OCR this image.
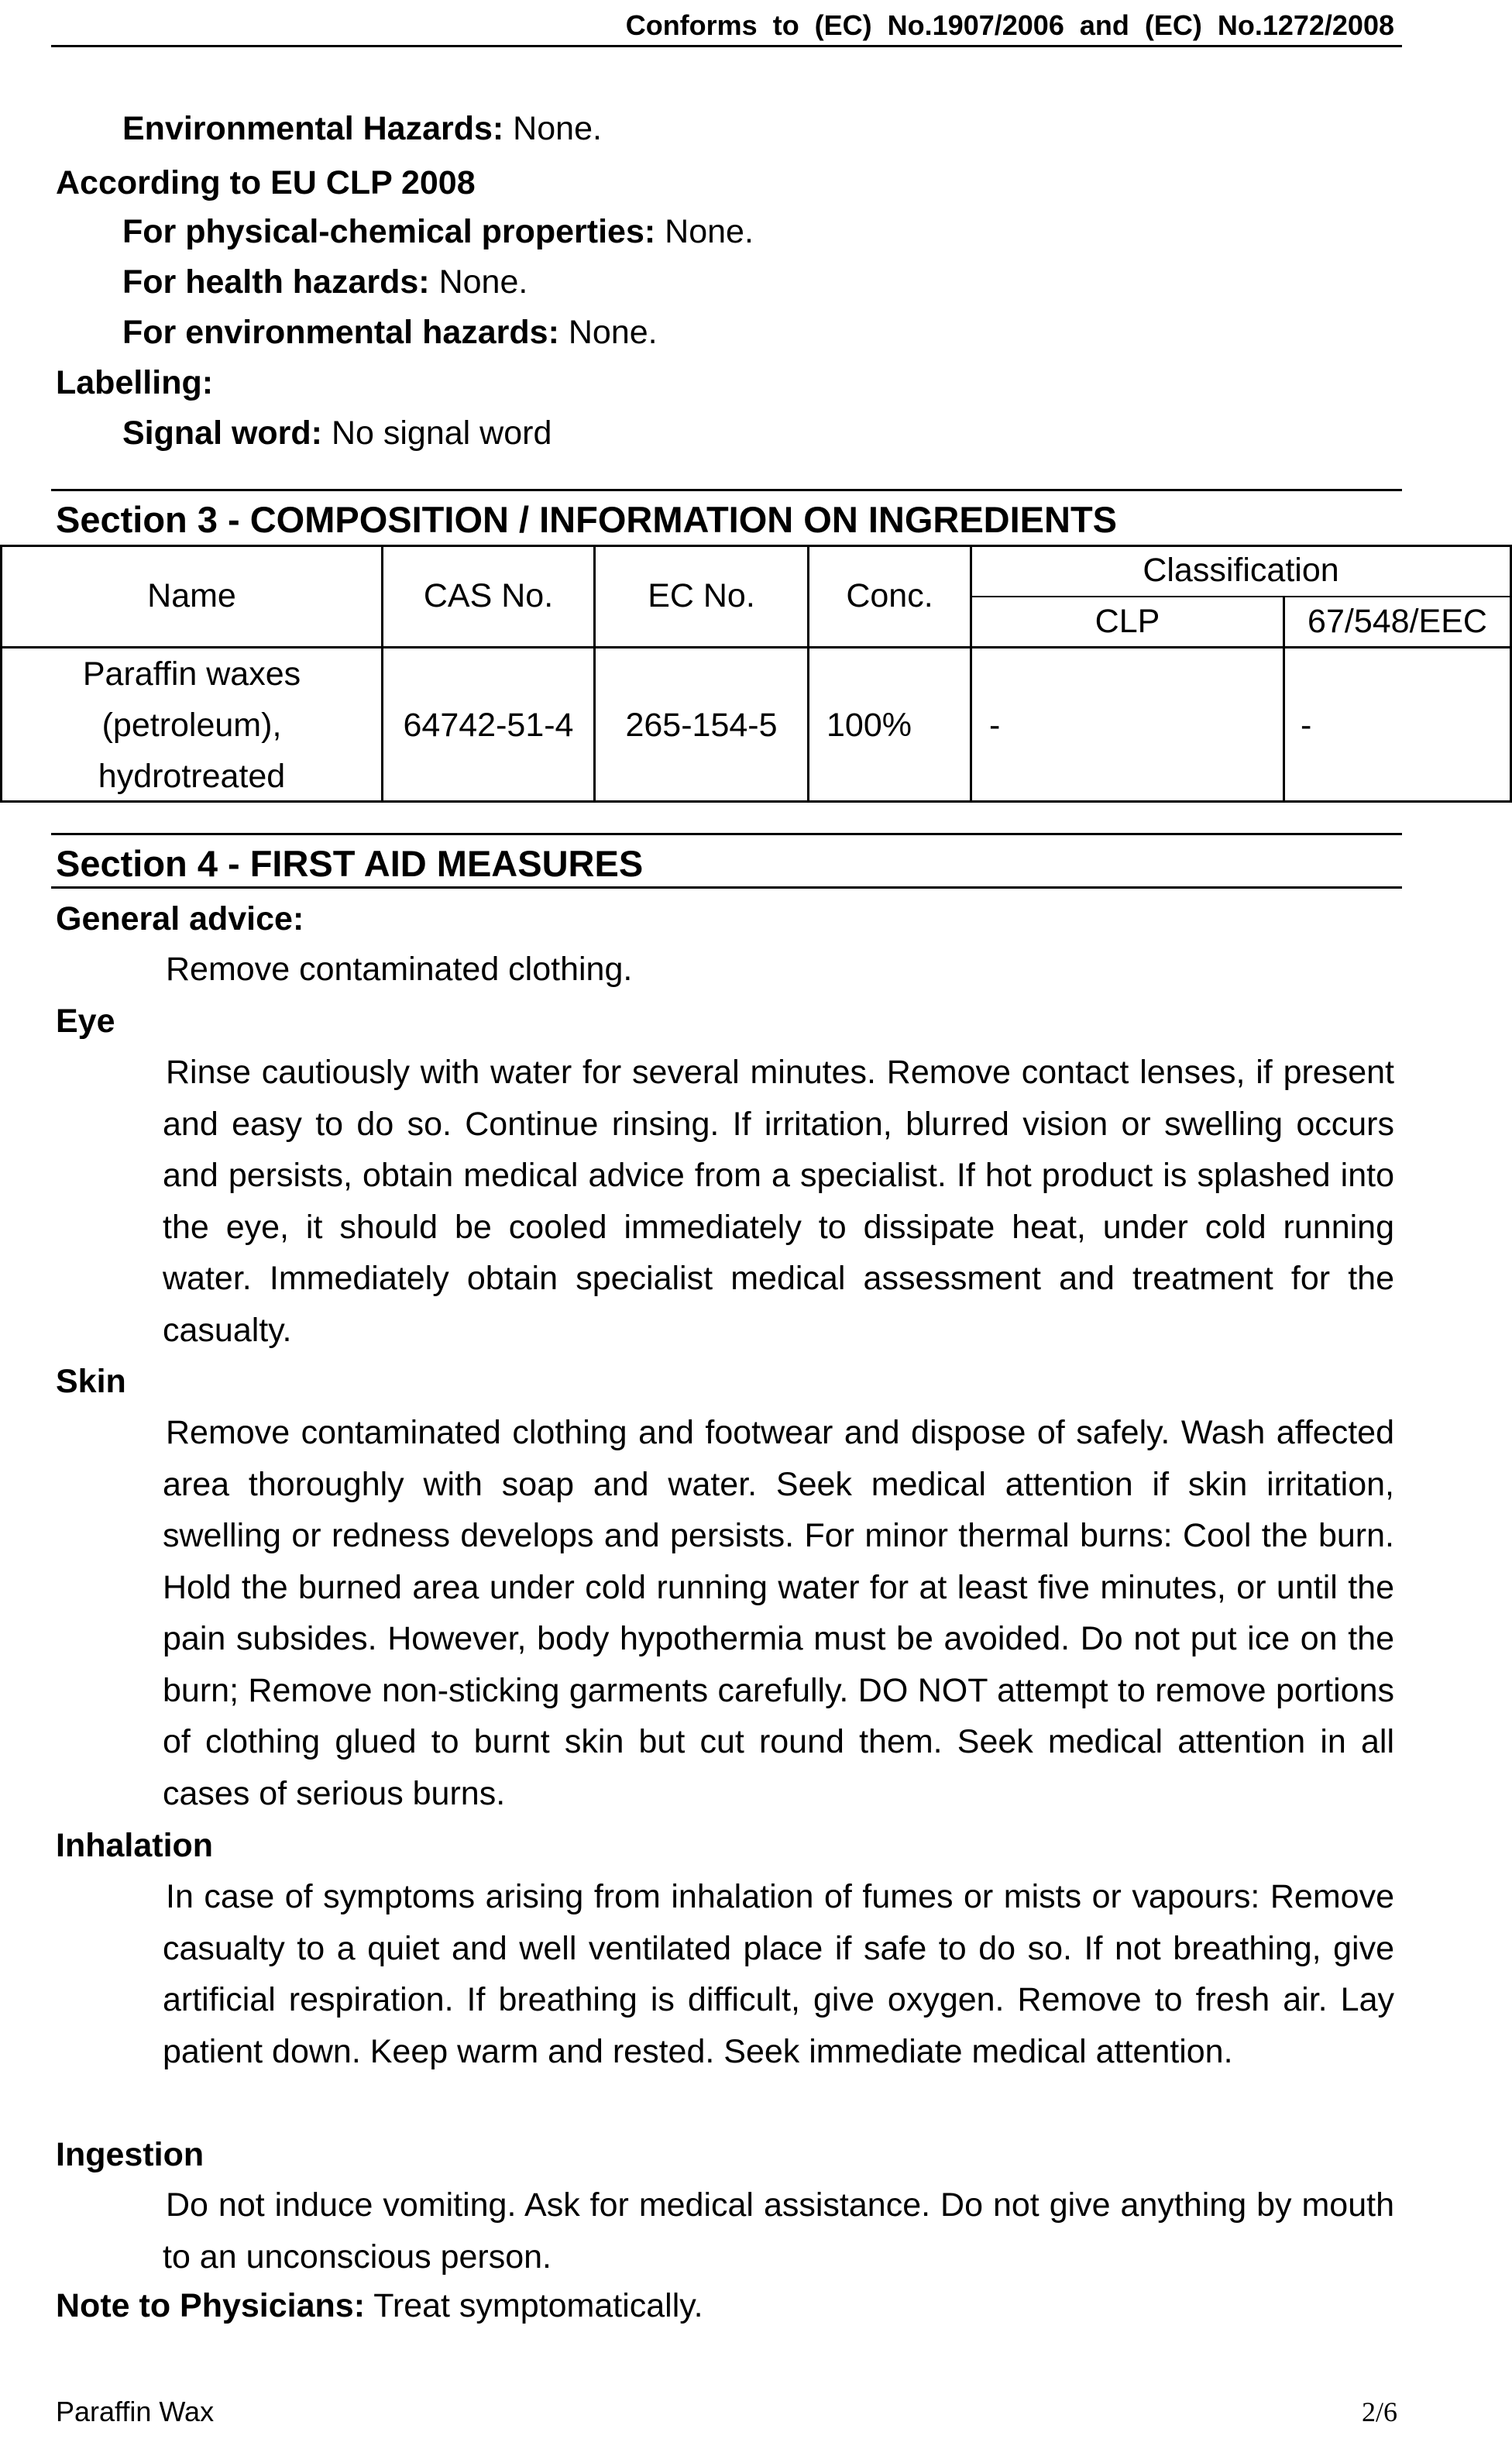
Conforms to (EC) No.1907/2006 and (EC) No.1272/2008
Environmental Hazards: None.
According to EU CLP 2008
For physical-chemical properties: None.
For health hazards: None.
For environmental hazards: None.
Labelling:
Signal word: No signal word
Section 3 - COMPOSITION / INFORMATION ON INGREDIENTS
Name	CAS No.	EC No.	Conc.
Classification
CLP	67/548/EEC
Paraffin waxes
(petroleum),
hydrotreated
64742-51-4	265-154-5	100%	-	-
Section 4 - FIRST AID MEASURES
General advice:
Remove contaminated clothing.
Eye
Rinse cautiously with water for several minutes. Remove contact lenses, if present and easy to do so. Continue rinsing. If irritation, blurred vision or swelling occurs and persists, obtain medical advice from a specialist. If hot product is splashed into the eye, it should be cooled immediately to dissipate heat, under cold running water. Immediately obtain specialist medical assessment and treatment for the casualty.
Skin
Remove contaminated clothing and footwear and dispose of safely. Wash affected area thoroughly with soap and water. Seek medical attention if skin irritation, swelling or redness develops and persists. For minor thermal burns: Cool the burn. Hold the burned area under cold running water for at least five minutes, or until the pain subsides. However, body hypothermia must be avoided. Do not put ice on the burn; Remove non-sticking garments carefully. DO NOT attempt to remove portions of clothing glued to burnt skin but cut round them. Seek medical attention in all cases of serious burns.
Inhalation
In case of symptoms arising from inhalation of fumes or mists or vapours: Remove casualty to a quiet and well ventilated place if safe to do so. If not breathing, give artificial respiration. If breathing is difficult, give oxygen. Remove to fresh air. Lay patient down. Keep warm and rested. Seek immediate medical attention.
Ingestion
Do not induce vomiting. Ask for medical assistance. Do not give anything by mouth to an unconscious person.
Note to Physicians: Treat symptomatically.
Paraffin Wax	2/6
